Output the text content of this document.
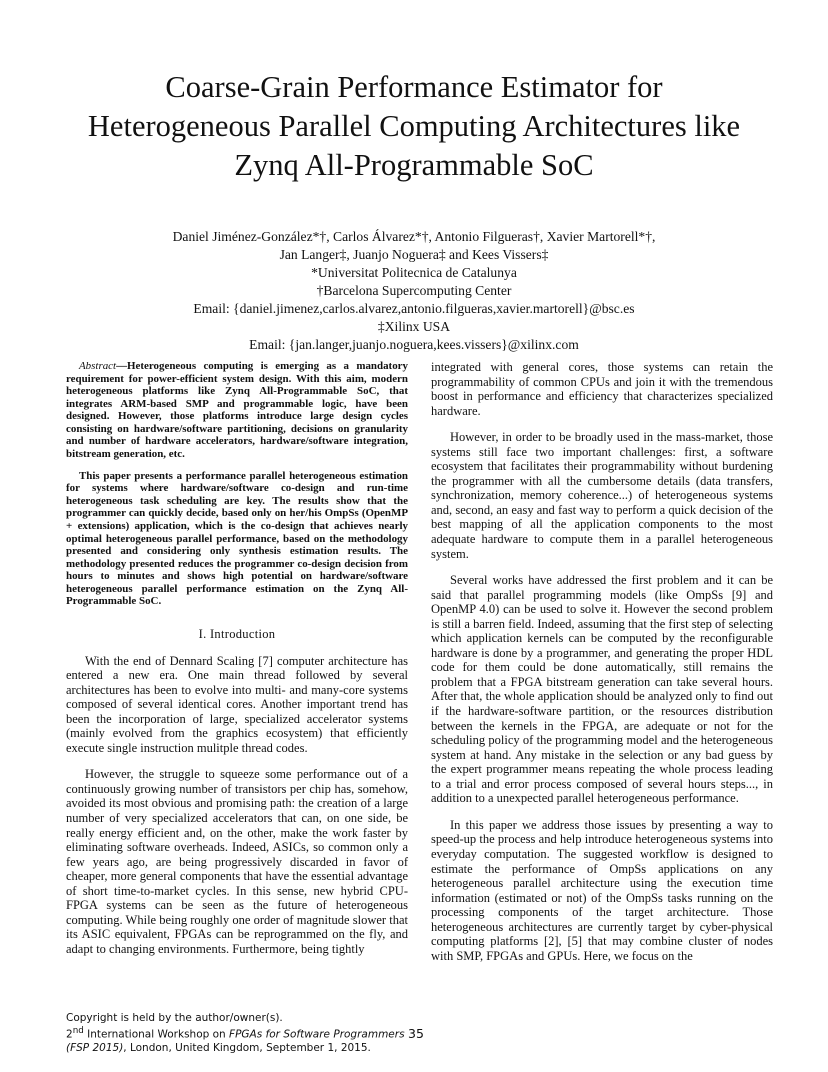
Coarse-Grain Performance Estimator for
Heterogeneous Parallel Computing Architectures like
Zynq All-Programmable SoC
Daniel Jiménez-González*†, Carlos Álvarez*†, Antonio Filgueras†, Xavier Martorell*†,
Jan Langer‡, Juanjo Noguera‡ and Kees Vissers‡
*Universitat Politecnica de Catalunya
†Barcelona Supercomputing Center
Email: {daniel.jimenez,carlos.alvarez,antonio.filgueras,xavier.martorell}@bsc.es
‡Xilinx USA
Email: {jan.langer,juanjo.noguera,kees.vissers}@xilinx.com

Abstract—Heterogeneous computing is emerging as a mandatory requirement for power-efficient system design. With this aim, modern heterogeneous platforms like Zynq All-Programmable SoC, that integrates ARM-based SMP and programmable logic, have been designed. However, those platforms introduce large design cycles consisting on hardware/software partitioning, decisions on granularity and number of hardware accelerators, hardware/software integration, bitstream generation, etc.

This paper presents a performance parallel heterogeneous estimation for systems where hardware/software co-design and run-time heterogeneous task scheduling are key. The results show that the programmer can quickly decide, based only on her/his OmpSs (OpenMP + extensions) application, which is the co-design that achieves nearly optimal heterogeneous parallel performance, based on the methodology presented and considering only synthesis estimation results. The methodology presented reduces the programmer co-design decision from hours to minutes and shows high potential on hardware/software heterogeneous parallel performance estimation on the Zynq All-Programmable SoC.

I. Introduction

With the end of Dennard Scaling [7] computer architecture has entered a new era. One main thread followed by several architectures has been to evolve into multi- and many-core systems composed of several identical cores. Another important trend has been the incorporation of large, specialized accelerator systems (mainly evolved from the graphics ecosystem) that efficiently execute single instruction mulitple thread codes.

However, the struggle to squeeze some performance out of a continuously growing number of transistors per chip has, somehow, avoided its most obvious and promising path: the creation of a large number of very specialized accelerators that can, on one side, be really energy efficient and, on the other, make the work faster by eliminating software overheads. Indeed, ASICs, so common only a few years ago, are being progressively discarded in favor of cheaper, more general components that have the essential advantage of short time-to-market cycles. In this sense, new hybrid CPU-FPGA systems can be seen as the future of heterogeneous computing. While being roughly one order of magnitude slower that its ASIC equivalent, FPGAs can be reprogrammed on the fly, and adapt to changing environments. Furthermore, being tightly

integrated with general cores, those systems can retain the programmability of common CPUs and join it with the tremendous boost in performance and efficiency that characterizes specialized hardware.

However, in order to be broadly used in the mass-market, those systems still face two important challenges: first, a software ecosystem that facilitates their programmability without burdening the programmer with all the cumbersome details (data transfers, synchronization, memory coherence...) of heterogeneous systems and, second, an easy and fast way to perform a quick decision of the best mapping of all the application components to the most adequate hardware to compute them in a parallel heterogeneous system.

Several works have addressed the first problem and it can be said that parallel programming models (like OmpSs [9] and OpenMP 4.0) can be used to solve it. However the second problem is still a barren field. Indeed, assuming that the first step of selecting which application kernels can be computed by the reconfigurable hardware is done by a programmer, and generating the proper HDL code for them could be done automatically, still remains the problem that a FPGA bitstream generation can take several hours. After that, the whole application should be analyzed only to find out if the hardware-software partition, or the resources distribution between the kernels in the FPGA, are adequate or not for the scheduling policy of the programming model and the heterogeneous system at hand. Any mistake in the selection or any bad guess by the expert programmer means repeating the whole process leading to a trial and error process composed of several hours steps..., in addition to a unexpected parallel heterogeneous performance.

In this paper we address those issues by presenting a way to speed-up the process and help introduce heterogeneous systems into everyday computation. The suggested workflow is designed to estimate the performance of OmpSs applications on any heterogeneous parallel architecture using the execution time information (estimated or not) of the OmpSs tasks running on the processing components of the target architecture. Those heterogeneous architectures are currently target by cyber-physical computing platforms [2], [5] that may combine cluster of nodes with SMP, FPGAs and GPUs. Here, we focus on the

Copyright is held by the author/owner(s).
2nd International Workshop on FPGAs for Software Programmers
(FSP 2015), London, United Kingdom, September 1, 2015.
35
